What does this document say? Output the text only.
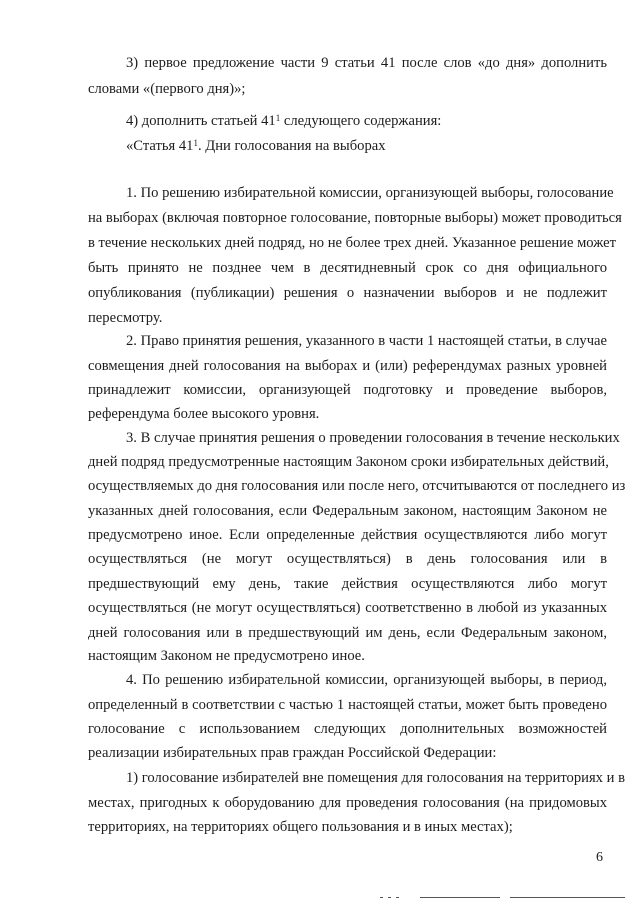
3) первое предложение части 9 статьи 41 после слов «до дня» дополнить
словами «(первого дня)»;
4) дополнить статьей $41^1$ следующего содержания:
«Статья $41^1$. Дни голосования на выборах
1. По решению избирательной комиссии, организующей выборы, голосование
на выборах (включая повторное голосование, повторные выборы) может проводиться
в течение нескольких дней подряд, но не более трех дней. Указанное решение может
быть принято не позднее чем в десятидневный срок со дня официального
опубликования (публикации) решения о назначении выборов и не подлежит
пересмотру.
2. Право принятия решения, указанного в части 1 настоящей статьи, в случае
совмещения дней голосования на выборах и (или) референдумах разных уровней
принадлежит комиссии, организующей подготовку и проведение выборов,
референдума более высокого уровня.
3. В случае принятия решения о проведении голосования в течение нескольких
дней подряд предусмотренные настоящим Законом сроки избирательных действий,
осуществляемых до дня голосования или после него, отсчитываются от последнего из
указанных дней голосования, если Федеральным законом, настоящим Законом не
предусмотрено иное. Если определенные действия осуществляются либо могут
осуществляться (не могут осуществляться) в день голосования или в
предшествующий ему день, такие действия осуществляются либо могут
осуществляться (не могут осуществляться) соответственно в любой из указанных
дней голосования или в предшествующий им день, если Федеральным законом,
настоящим Законом не предусмотрено иное.
4. По решению избирательной комиссии, организующей выборы, в период,
определенный в соответствии с частью 1 настоящей статьи, может быть проведено
голосование с использованием следующих дополнительных возможностей
реализации избирательных прав граждан Российской Федерации:
1) голосование избирателей вне помещения для голосования на территориях и в
местах, пригодных к оборудованию для проведения голосования (на придомовых
территориях, на территориях общего пользования и в иных местах);
6
